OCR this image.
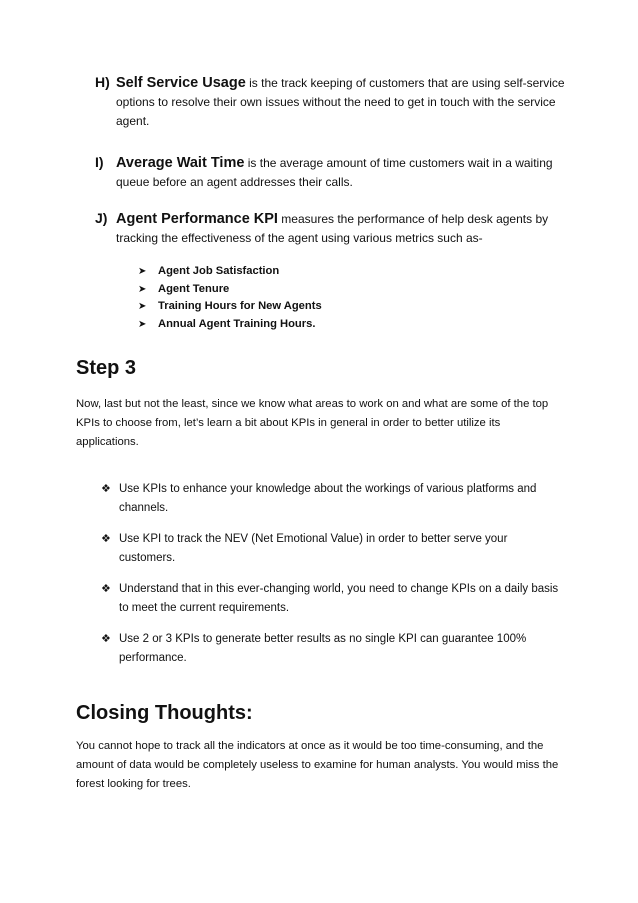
H) Self Service Usage is the track keeping of customers that are using self-service
options to resolve their own issues without the need to get in touch with the service
agent.
I) Average Wait Time is the average amount of time customers wait in a waiting
queue before an agent addresses their calls.
J) Agent Performance KPI measures the performance of help desk agents by
tracking the effectiveness of the agent using various metrics such as-
➤ Agent Job Satisfaction
➤ Agent Tenure
➤ Training Hours for New Agents
➤ Annual Agent Training Hours.
Step 3

Now, last but not the least, since we know what areas to work on and what are some of the top KPIs to choose from, let’s learn a bit about KPIs in general in order to better utilize its applications.

❖ Use KPIs to enhance your knowledge about the workings of various platforms and channels.
❖ Use KPI to track the NEV (Net Emotional Value) in order to better serve your customers.
❖ Understand that in this ever-changing world, you need to change KPIs on a daily basis to meet the current requirements.
❖ Use 2 or 3 KPIs to generate better results as no single KPI can guarantee 100% performance.
Closing Thoughts:

You cannot hope to track all the indicators at once as it would be too time-consuming, and the amount of data would be completely useless to examine for human analysts. You would miss the forest looking for trees.
